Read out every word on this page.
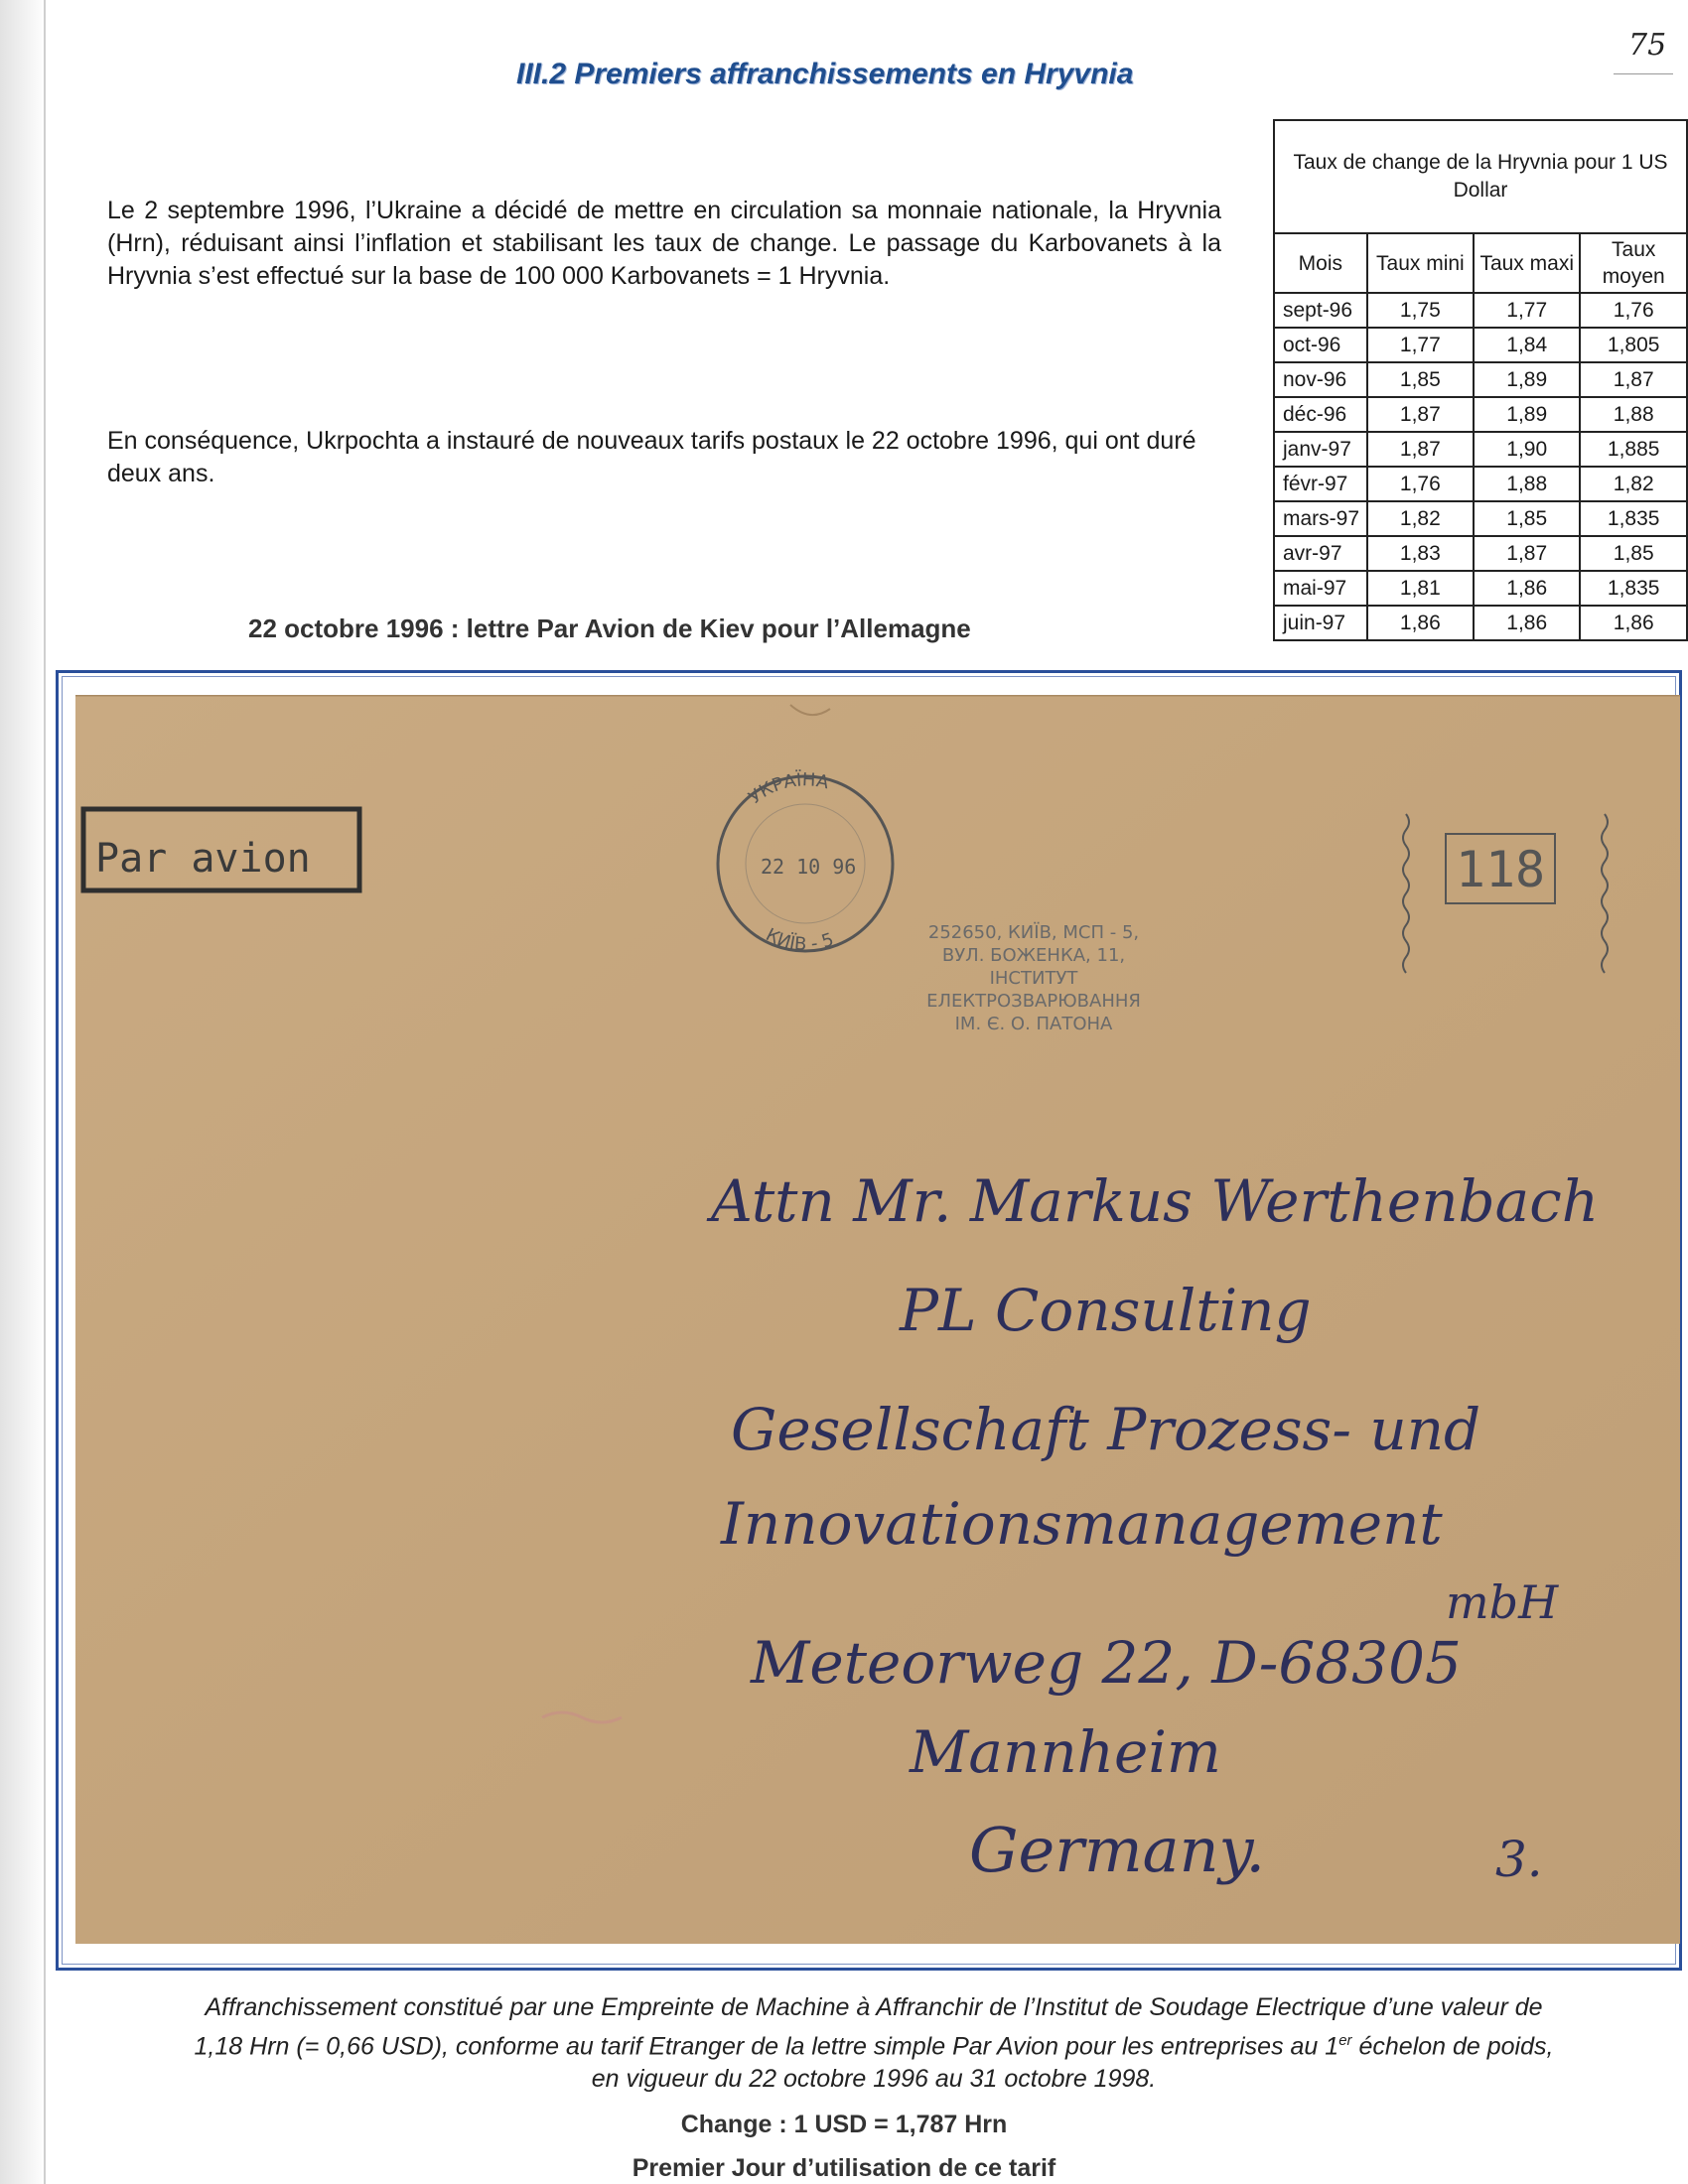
75
III.2 Premiers affranchissements en Hryvnia

Le 2 septembre 1996, l’Ukraine a décidé de mettre en circulation sa monnaie nationale, la Hryvnia (Hrn), réduisant ainsi l’inflation et stabilisant les taux de change. Le passage du Karbovanets à la Hryvnia s’est effectué sur la base de 100 000 Karbovanets = 1 Hryvnia.

En conséquence, Ukrpochta a instauré de nouveaux tarifs postaux le 22 octobre 1996, qui ont duré deux ans.

Taux de change de la Hryvnia pour 1 US Dollar			
Mois	Taux mini	Taux maxi	Taux moyen
sept-96	1,75	1,77	1,76
oct-96	1,77	1,84	1,805
nov-96	1,85	1,89	1,87
déc-96	1,87	1,89	1,88
janv-97	1,87	1,90	1,885
févr-97	1,76	1,88	1,82
mars-97	1,82	1,85	1,835
avr-97	1,83	1,87	1,85
mai-97	1,81	1,86	1,835
juin-97	1,86	1,86	1,86
22 octobre 1996 : lettre Par Avion de Kiev pour l’Allemagne
Par avion
УКРАЇНА
22 10 96
КИЇВ - 5	252650, КИЇВ, МСП - 5,
ВУЛ. БОЖЕНКА, 11,
ІНСТИТУТ
ЕЛЕКТРОЗВАРЮВАННЯ
ІМ. Є. О. ПАТОНА
118
Attn Mr. Markus Werthenbach
PL Consulting
Gesellschaft Prozess- und
Innovationsmanagement
mbH
Meteorweg 22, D-68305
Mannheim
Germany.	3.
Affranchissement constitué par une Empreinte de Machine à Affranchir de l’Institut de Soudage Electrique d’une valeur de
1,18 Hrn (= 0,66 USD), conforme au tarif Etranger de la lettre simple Par Avion pour les entreprises au 1er échelon de poids,
en vigueur du 22 octobre 1996 au 31 octobre 1998.
Change : 1 USD = 1,787 Hrn
Premier Jour d’utilisation de ce tarif
